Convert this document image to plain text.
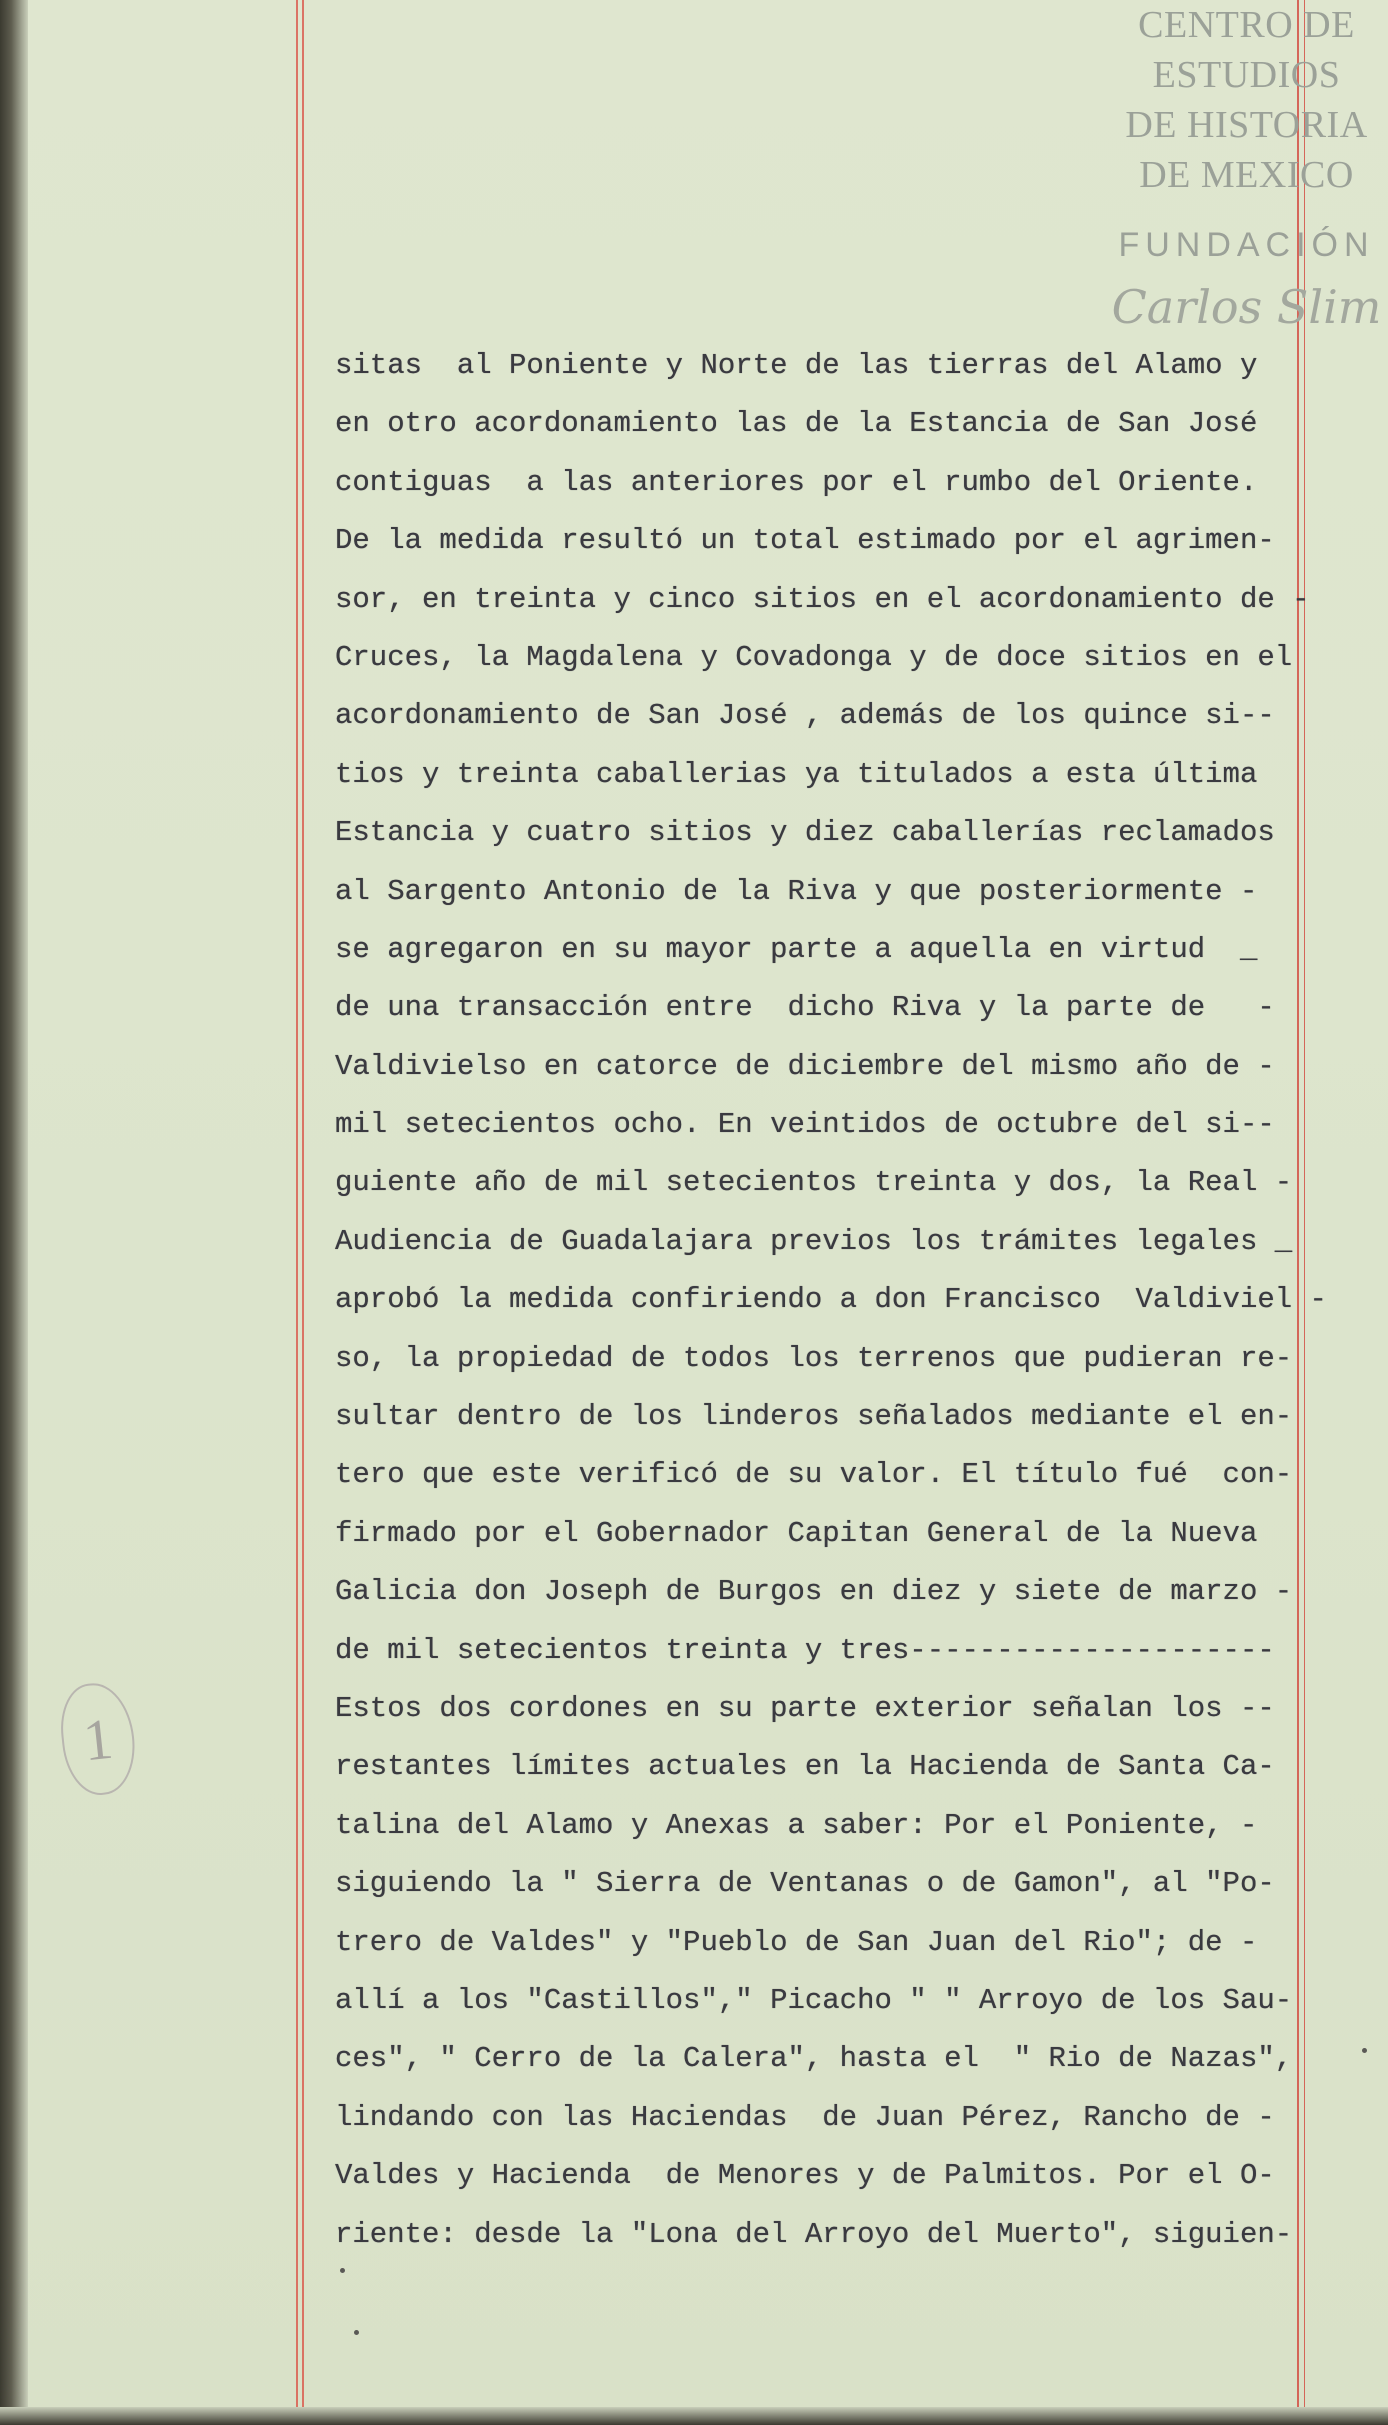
CENTRO DE
ESTUDIOS
DE HISTORIA
DE MEXICO
FUNDACIÓN
Carlos Slim
1
sitas  al Poniente y Norte de las tierras del Alamo y
en otro acordonamiento las de la Estancia de San José
contiguas  a las anteriores por el rumbo del Oriente.
De la medida resultó un total estimado por el agrimen-
sor, en treinta y cinco sitios en el acordonamiento de -
Cruces, la Magdalena y Covadonga y de doce sitios en el
acordonamiento de San José , además de los quince si--
tios y treinta caballerias ya titulados a esta última
Estancia y cuatro sitios y diez caballerías reclamados
al Sargento Antonio de la Riva y que posteriormente -
se agregaron en su mayor parte a aquella en virtud  _
de una transacción entre  dicho Riva y la parte de   -
Valdivielso en catorce de diciembre del mismo año de -
mil setecientos ocho. En veintidos de octubre del si--
guiente año de mil setecientos treinta y dos, la Real -
Audiencia de Guadalajara previos los trámites legales _
aprobó la medida confiriendo a don Francisco  Valdiviel -
so, la propiedad de todos los terrenos que pudieran re-
sultar dentro de los linderos señalados mediante el en-
tero que este verificó de su valor. El título fué  con-
firmado por el Gobernador Capitan General de la Nueva
Galicia don Joseph de Burgos en diez y siete de marzo -
de mil setecientos treinta y tres---------------------
Estos dos cordones en su parte exterior señalan los --
restantes límites actuales en la Hacienda de Santa Ca-
talina del Alamo y Anexas a saber: Por el Poniente, -
siguiendo la " Sierra de Ventanas o de Gamon", al "Po-
trero de Valdes" y "Pueblo de San Juan del Rio"; de -
allí a los "Castillos"," Picacho " " Arroyo de los Sau-
ces", " Cerro de la Calera", hasta el  " Rio de Nazas",
lindando con las Haciendas  de Juan Pérez, Rancho de -
Valdes y Hacienda  de Menores y de Palmitos. Por el O-
riente: desde la "Lona del Arroyo del Muerto", siguien-
